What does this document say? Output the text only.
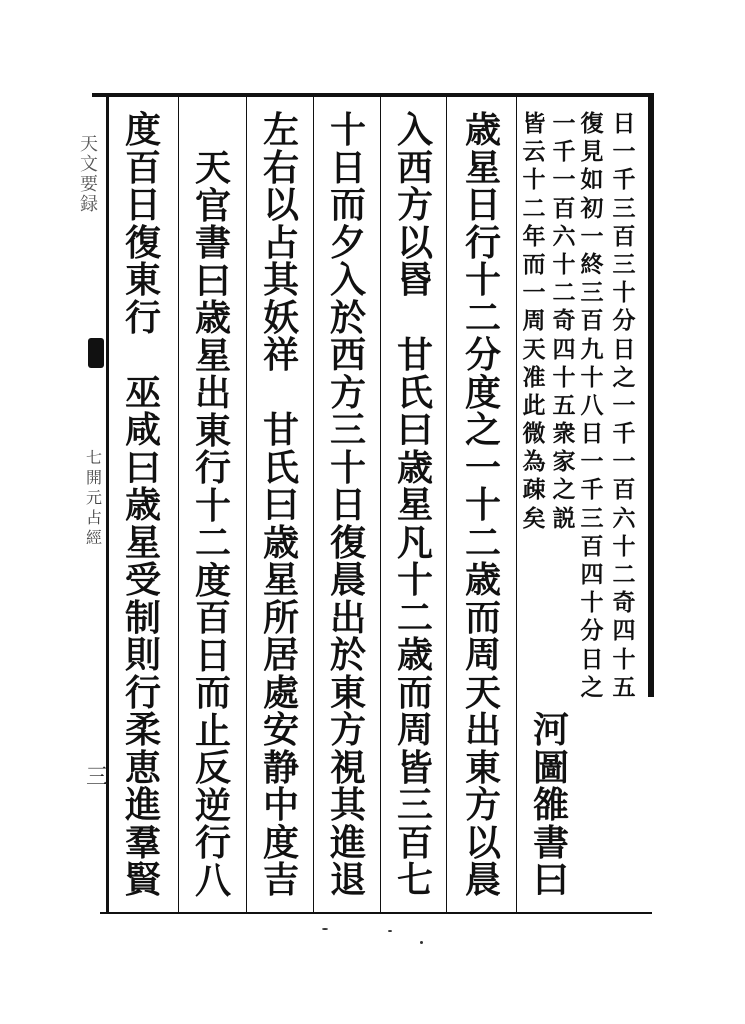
日
一
千
三
百
三
十
分
日
之
一
千
一
百
六
十
二
奇
四
十
五
復
見
如
初
一
終
三
百
九
十
八
日
一
千
三
百
四
十
分
日
之
一
千
一
百
六
十
二
奇
四
十
五
衆
家
之
説
皆
云
十
二
年
而
一
周
天
准
此
微
為
疎
矣
河
圖
雒
書
曰
歳
星
日
行
十
二
分
度
之
一
十
二
歳
而
周
天
出
東
方
以
晨
入
西
方
以
昬

甘
氏
曰
歳
星
凡
十
二
歳
而
周
皆
三
百
七
十
日
而
夕
入
於
西
方
三
十
日
復
晨
出
於
東
方
視
其
進
退
左
右
以
占
其
妖
祥

甘
氏
曰
歳
星
所
居
處
安
静
中
度
吉
天
官
書
曰
歳
星
出
東
行
十
二
度
百
日
而
止
反
逆
行
八
度
百
日
復
東
行

巫
咸
曰
歳
星
受
制
則
行
柔
恵
進
羣
賢
天
文
要
録
七
開
元
占
經
三
